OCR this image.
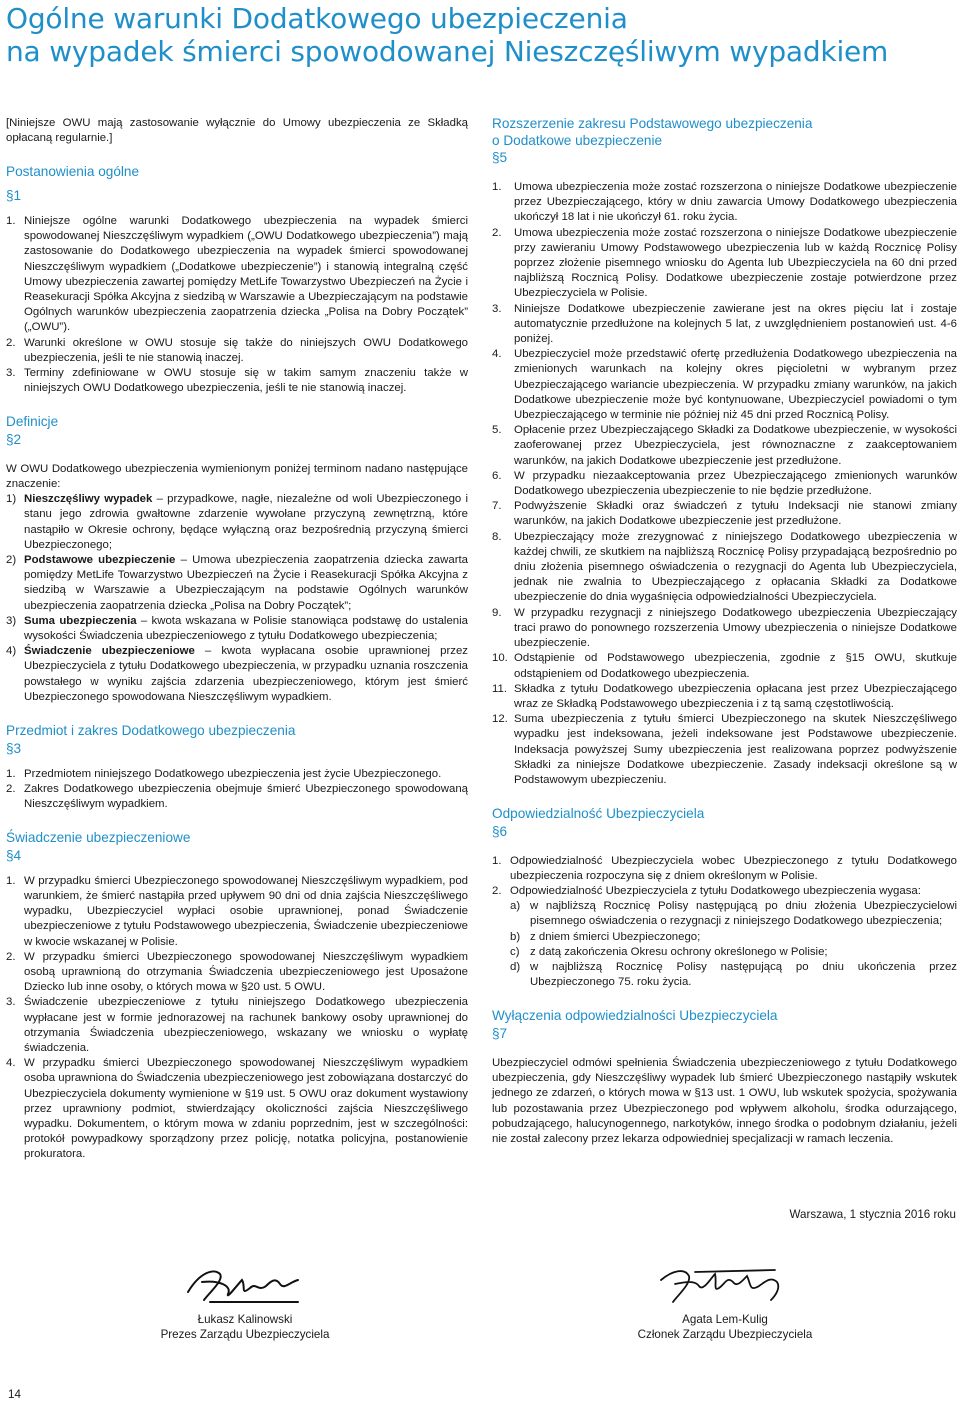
Ogólne warunki Dodatkowego ubezpieczenia
na wypadek śmierci spowodowanej Nieszczęśliwym wypadkiem

[Niniejsze OWU mają zastosowanie wyłącznie do Umowy ubezpieczenia ze Składką opłacaną regularnie.]

Postanowienia ogólne
§1
1. Niniejsze ogólne warunki Dodatkowego ubezpieczenia na wypadek śmierci spowodowanej Nieszczęśliwym wypadkiem („OWU Dodatkowego ubezpieczenia”) mają zastosowanie do Dodatkowego ubezpieczenia na wypadek śmierci spowodowanej Nieszczęśliwym wypadkiem („Dodatkowe ubezpieczenie”) i stanowią integralną część Umowy ubezpieczenia zawartej pomiędzy MetLife Towarzystwo Ubezpieczeń na Życie i Reasekuracji Spółka Akcyjna z siedzibą w Warszawie a Ubezpieczającym na podstawie Ogólnych warunków ubezpieczenia zaopatrzenia dziecka „Polisa na Dobry Początek” („OWU”).
2. Warunki określone w OWU stosuje się także do niniejszych OWU Dodatkowego ubezpieczenia, jeśli te nie stanowią inaczej.
3. Terminy zdefiniowane w OWU stosuje się w takim samym znaczeniu także w niniejszych OWU Dodatkowego ubezpieczenia, jeśli te nie stanowią inaczej.
Definicje
§2

W OWU Dodatkowego ubezpieczenia wymienionym poniżej terminom nadano następujące znaczenie:

1) Nieszczęśliwy wypadek – przypadkowe, nagłe, niezależne od woli Ubezpieczonego i stanu jego zdrowia gwałtowne zdarzenie wywołane przyczyną zewnętrzną, które nastąpiło w Okresie ochrony, będące wyłączną oraz bezpośrednią przyczyną śmierci Ubezpieczonego;
2) Podstawowe ubezpieczenie – Umowa ubezpieczenia zaopatrzenia dziecka zawarta pomiędzy MetLife Towarzystwo Ubezpieczeń na Życie i Reasekuracji Spółka Akcyjna z siedzibą w Warszawie a Ubezpieczającym na podstawie Ogólnych warunków ubezpieczenia zaopatrzenia dziecka „Polisa na Dobry Początek”;
3) Suma ubezpieczenia – kwota wskazana w Polisie stanowiąca podstawę do ustalenia wysokości Świadczenia ubezpieczeniowego z tytułu Dodatkowego ubezpieczenia;
4) Świadczenie ubezpieczeniowe – kwota wypłacana osobie uprawnionej przez Ubezpieczyciela z tytułu Dodatkowego ubezpieczenia, w przypadku uznania roszczenia powstałego w wyniku zajścia zdarzenia ubezpieczeniowego, którym jest śmierć Ubezpieczonego spowodowana Nieszczęśliwym wypadkiem.
Przedmiot i zakres Dodatkowego ubezpieczenia
§3
1. Przedmiotem niniejszego Dodatkowego ubezpieczenia jest życie Ubezpieczonego.
2. Zakres Dodatkowego ubezpieczenia obejmuje śmierć Ubezpieczonego spowodowaną Nieszczęśliwym wypadkiem.
Świadczenie ubezpieczeniowe
§4
1. W przypadku śmierci Ubezpieczonego spowodowanej Nieszczęśliwym wypadkiem, pod warunkiem, że śmierć nastąpiła przed upływem 90 dni od dnia zajścia Nieszczęśliwego wypadku, Ubezpieczyciel wypłaci osobie uprawnionej, ponad Świadczenie ubezpieczeniowe z tytułu Podstawowego ubezpieczenia, Świadczenie ubezpieczeniowe w kwocie wskazanej w Polisie.
2. W przypadku śmierci Ubezpieczonego spowodowanej Nieszczęśliwym wypadkiem osobą uprawnioną do otrzymania Świadczenia ubezpieczeniowego jest Uposażone Dziecko lub inne osoby, o których mowa w §20 ust. 5 OWU.
3. Świadczenie ubezpieczeniowe z tytułu niniejszego Dodatkowego ubezpieczenia wypłacane jest w formie jednorazowej na rachunek bankowy osoby uprawnionej do otrzymania Świadczenia ubezpieczeniowego, wskazany we wniosku o wypłatę świadczenia.
4. W przypadku śmierci Ubezpieczonego spowodowanej Nieszczęśliwym wypadkiem osoba uprawniona do Świadczenia ubezpieczeniowego jest zobowiązana dostarczyć do Ubezpieczyciela dokumenty wymienione w §19 ust. 5 OWU oraz dokument wystawiony przez uprawniony podmiot, stwierdzający okoliczności zajścia Nieszczęśliwego wypadku. Dokumentem, o którym mowa w zdaniu poprzednim, jest w szczególności: protokół powypadkowy sporządzony przez policję, notatka policyjna, postanowienie prokuratora.
Rozszerzenie zakresu Podstawowego ubezpieczenia
o Dodatkowe ubezpieczenie
§5
1.	Umowa ubezpieczenia może zostać rozszerzona o niniejsze Dodatkowe ubezpieczenie przez Ubezpieczającego, który w dniu zawarcia Umowy Dodatkowego ubezpieczenia ukończył 18 lat i nie ukończył 61. roku życia.
2.	Umowa ubezpieczenia może zostać rozszerzona o niniejsze Dodatkowe ubezpieczenie przy zawieraniu Umowy Podstawowego ubezpieczenia lub w każdą Rocznicę Polisy poprzez złożenie pisemnego wniosku do Agenta lub Ubezpieczyciela na 60 dni przed najbliższą Rocznicą Polisy. Dodatkowe ubezpieczenie zostaje potwierdzone przez Ubezpieczyciela w Polisie.
3.	Niniejsze Dodatkowe ubezpieczenie zawierane jest na okres pięciu lat i zostaje automatycznie przedłużone na kolejnych 5 lat, z uwzględnieniem postanowień ust. 4-6 poniżej.
4.	Ubezpieczyciel może przedstawić ofertę przedłużenia Dodatkowego ubezpieczenia na zmienionych warunkach na kolejny okres pięcioletni w wybranym przez Ubezpieczającego wariancie ubezpieczenia. W przypadku zmiany warunków, na jakich Dodatkowe ubezpieczenie może być kontynuowane, Ubezpieczyciel powiadomi o tym Ubezpieczającego w terminie nie później niż 45 dni przed Rocznicą Polisy.
5.	Opłacenie przez Ubezpieczającego Składki za Dodatkowe ubezpieczenie, w wysokości zaoferowanej przez Ubezpieczyciela, jest równoznaczne z zaakceptowaniem warunków, na jakich Dodatkowe ubezpieczenie jest przedłużone.
6.	W przypadku niezaakceptowania przez Ubezpieczającego zmienionych warunków Dodatkowego ubezpieczenia ubezpieczenie to nie będzie przedłużone.
7.	Podwyższenie Składki oraz świadczeń z tytułu Indeksacji nie stanowi zmiany warunków, na jakich Dodatkowe ubezpieczenie jest przedłużone.
8.	Ubezpieczający może zrezygnować z niniejszego Dodatkowego ubezpieczenia w każdej chwili, ze skutkiem na najbliższą Rocznicę Polisy przypadającą bezpośrednio po dniu złożenia pisemnego oświadczenia o rezygnacji do Agenta lub Ubezpieczyciela, jednak nie zwalnia to Ubezpieczającego z opłacania Składki za Dodatkowe ubezpieczenie do dnia wygaśnięcia odpowiedzialności Ubezpieczyciela.
9.	W przypadku rezygnacji z niniejszego Dodatkowego ubezpieczenia Ubezpieczający traci prawo do ponownego rozszerzenia Umowy ubezpieczenia o niniejsze Dodatkowe ubezpieczenie.
10. Odstąpienie od Podstawowego ubezpieczenia, zgodnie z §15 OWU, skutkuje odstąpieniem od Dodatkowego ubezpieczenia.
11. Składka z tytułu Dodatkowego ubezpieczenia opłacana jest przez Ubezpieczającego wraz ze Składką Podstawowego ubezpieczenia i z tą samą częstotliwością.
12. Suma ubezpieczenia z tytułu śmierci Ubezpieczonego na skutek Nieszczęśliwego wypadku jest indeksowana, jeżeli indeksowane jest Podstawowe ubezpieczenie. Indeksacja powyższej Sumy ubezpieczenia jest realizowana poprzez podwyższenie Składki za niniejsze Dodatkowe ubezpieczenie. Zasady indeksacji określone są w Podstawowym ubezpieczeniu.
Odpowiedzialność Ubezpieczyciela
§6
1. Odpowiedzialność Ubezpieczyciela wobec Ubezpieczonego z tytułu Dodatkowego ubezpieczenia rozpoczyna się z dniem określonym w Polisie.
2. Odpowiedzialność Ubezpieczyciela z tytułu Dodatkowego ubezpieczenia wygasa:
a) w najbliższą Rocznicę Polisy następującą po dniu złożenia Ubezpieczycielowi pisemnego oświadczenia o rezygnacji z niniejszego Dodatkowego ubezpieczenia;
b) z dniem śmierci Ubezpieczonego;
c) z datą zakończenia Okresu ochrony określonego w Polisie;
d) w najbliższą Rocznicę Polisy następującą po dniu ukończenia przez Ubezpieczonego 75. roku życia.
Wyłączenia odpowiedzialności Ubezpieczyciela
§7

Ubezpieczyciel odmówi spełnienia Świadczenia ubezpieczeniowego z tytułu Dodatkowego ubezpieczenia, gdy Nieszczęśliwy wypadek lub śmierć Ubezpieczonego nastąpiły wskutek jednego ze zdarzeń, o których mowa w §13 ust. 1 OWU, lub wskutek spożycia, spożywania lub pozostawania przez Ubezpieczonego pod wpływem alkoholu, środka odurzającego, pobudzającego, halucynogennego, narkotyków, innego środka o podobnym działaniu, jeżeli nie został zalecony przez lekarza odpowiedniej specjalizacji w ramach leczenia.

Warszawa, 1 stycznia 2016 roku
Łukasz Kalinowski
Prezes Zarządu Ubezpieczyciela
Agata Lem-Kulig
Członek Zarządu Ubezpieczyciela
14
